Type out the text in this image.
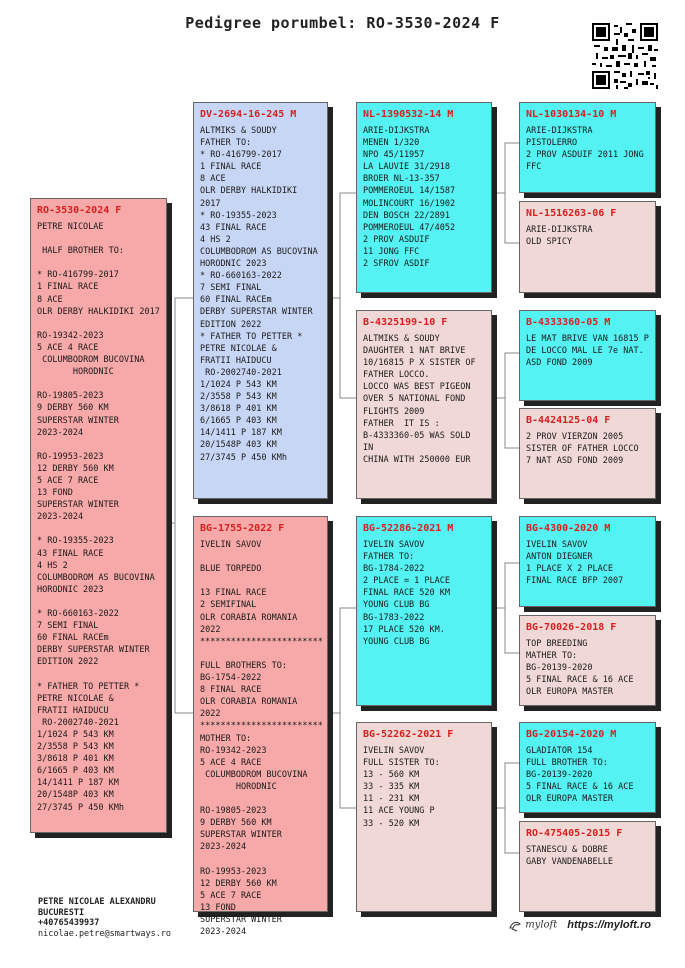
Pedigree porumbel: RO-3530-2024 F
RO-3530-2024 F
PETRE NICOLAE

HALF BROTHER TO:

* RO-416799-2017
1 FINAL RACE
8 ACE
OLR DERBY HALKIDIKI 2017

RO-19342-2023
5 ACE 4 RACE
COLUMBODROM BUCOVINA
HORODNIC

RO-19805-2023
9 DERBY 560 KM
SUPERSTAR WINTER
2023-2024

RO-19953-2023
12 DERBY 560 KM
5 ACE 7 RACE
13 FOND
SUPERSTAR WINTER
2023-2024

* RO-19355-2023
43 FINAL RACE
4 HS 2
COLUMBODROM AS BUCOVINA
HORODNIC 2023

* RO-660163-2022
7 SEMI FINAL
60 FINAL RACEm
DERBY SUPERSTAR WINTER
EDITION 2022

* FATHER TO PETTER *
PETRE NICOLAE &
FRATII HAIDUCU
RO-2002740-2021
1/1024 P 543 KM
2/3558 P 543 KM
3/8618 P 401 KM
6/1665 P 403 KM
14/1411 P 187 KM
20/1548P 403 KM
27/3745 P 450 KMh
DV-2694-16-245 M
ALTMIKS & SOUDY
FATHER TO:
* RO-416799-2017
1 FINAL RACE
8 ACE
OLR DERBY HALKIDIKI 2017
* RO-19355-2023
43 FINAL RACE
4 HS 2
COLUMBODROM AS BUCOVINA
HORODNIC 2023
* RO-660163-2022
7 SEMI FINAL
60 FINAL RACEm
DERBY SUPERSTAR WINTER
EDITION 2022
* FATHER TO PETTER *
PETRE NICOLAE &
FRATII HAIDUCU
RO-2002740-2021
1/1024 P 543 KM
2/3558 P 543 KM
3/8618 P 401 KM
6/1665 P 403 KM
14/1411 P 187 KM
20/1548P 403 KM
27/3745 P 450 KMh
BG-1755-2022 F
IVELIN SAVOV

BLUE TORPEDO

13 FINAL RACE
2 SEMIFINAL
OLR CORABIA ROMANIA 2022
************************

FULL BROTHERS TO:
BG-1754-2022
8 FINAL RACE
OLR CORABIA ROMANIA 2022
************************
MOTHER TO:
RO-19342-2023
5 ACE 4 RACE
COLUMBODROM BUCOVINA
HORODNIC

RO-19805-2023
9 DERBY 560 KM
SUPERSTAR WINTER
2023-2024

RO-19953-2023
12 DERBY 560 KM
5 ACE 7 RACE
13 FOND
SUPERSTAR WINTER
2023-2024
NL-1390532-14 M
ARIE-DIJKSTRA
MENEN 1/320
NPO 45/11957
LA LAUVIE 31/2918
BROER NL-13-357
POMMEROEUL 14/1587
MOLINCOURT 16/1902
DEN BOSCH 22/2891
POMMEROEUL 47/4052
2 PROV ASDUIF
11 JONG FFC
2 SFROV ASDIF
B-4325199-10 F
ALTMIKS & SOUDY
DAUGHTER 1 NAT BRIVE
10/16815 P X SISTER OF
FATHER LOCCO.
LOCCO WAS BEST PIGEON
OVER 5 NATIONAL FOND
FLIGHTS 2009
FATHER  IT IS :
B-4333360-05 WAS SOLD IN
CHINA WITH 250000 EUR
BG-52286-2021 M
IVELIN SAVOV
FATHER TO:
BG-1784-2022
2 PLACE = 1 PLACE
FINAL RACE 520 KM
YOUNG CLUB BG
BG-1783-2022
17 PLACE 520 KM.
YOUNG CLUB BG
BG-52262-2021 F
IVELIN SAVOV
FULL SISTER TO:
13 - 560 KM
33 - 335 KM
11 - 231 KM
11 ACE YOUNG P
33 - 520 KM
NL-1030134-10 M
ARIE-DIJKSTRA
PISTOLERRO
2 PROV ASDUIF 2011 JONG
FFC
NL-1516263-06 F
ARIE-DIJKSTRA
OLD SPICY
B-4333360-05 M
LE MAT BRIVE VAN 16815 P
DE LOCCO MAL LE 7e NAT.
ASD FOND 2009
B-4424125-04 F
2 PROV VIERZON 2005
SISTER OF FATHER LOCCO
7 NAT ASD FOND 2009
BG-4300-2020 M
IVELIN SAVOV
ANTON DIEGNER
1 PLACE X 2 PLACE
FINAL RACE BFP 2007
BG-70026-2018 F
TOP BREEDING
MATHER TO:
BG-20139-2020
5 FINAL RACE & 16 ACE
OLR EUROPA MASTER
BG-20154-2020 M
GLADIATOR 154
FULL BROTHER TO:
BG-20139-2020
5 FINAL RACE & 16 ACE
OLR EUROPA MASTER
RO-475405-2015 F
STANESCU & DOBRE
GABY VANDENABELLE
PETRE NICOLAE ALEXANDRU
BUCURESTI
+40765439937
nicolae.petre@smartways.ro
myloft https://myloft.ro
